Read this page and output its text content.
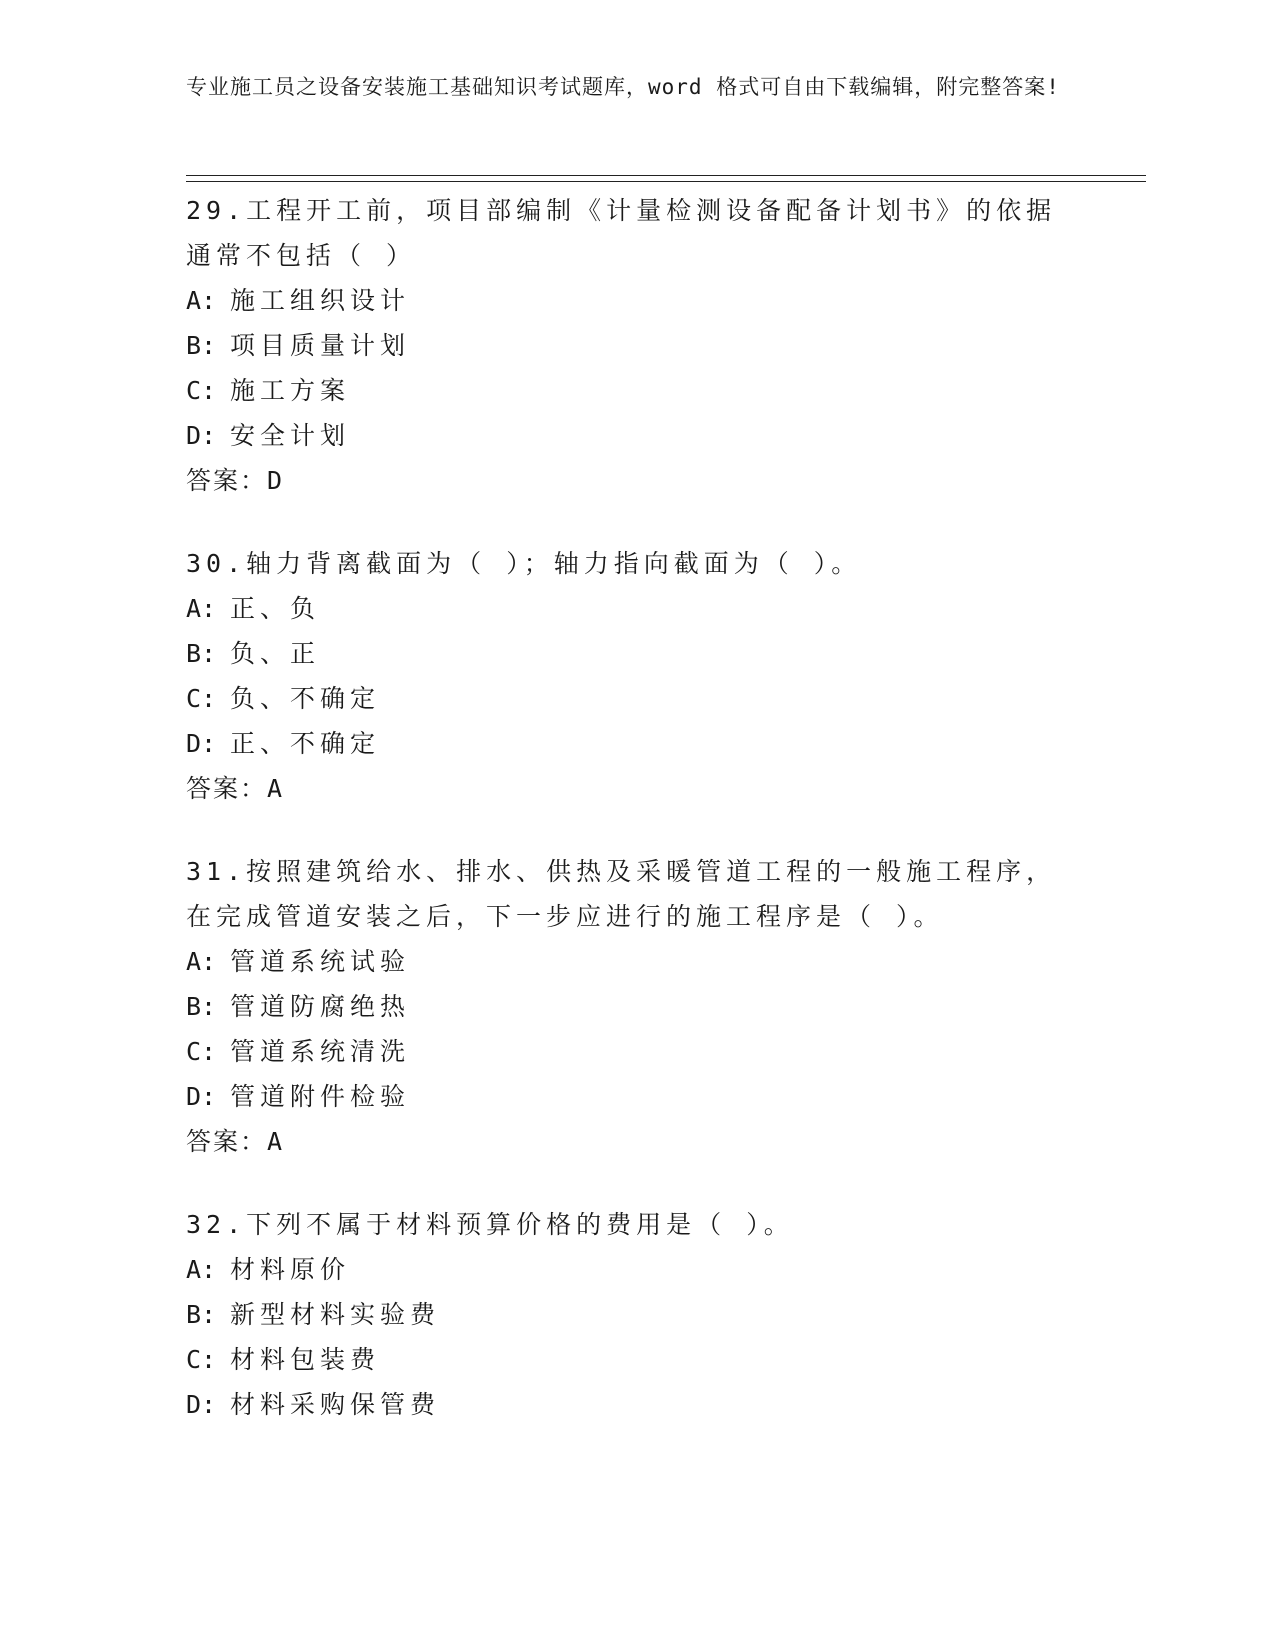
专业施工员之设备安装施工基础知识考试题库，word 格式可自由下载编辑，附完整答案!

29.工程开工前，项目部编制《计量检测设备配备计划书》的依据通常不包括（ ）

A: 施工组织设计

B: 项目质量计划

C: 施工方案

D: 安全计划

答案：D

30.轴力背离截面为（ ）；轴力指向截面为（ ）。

A: 正、负

B: 负、正

C: 负、不确定

D: 正、不确定

答案：A

31.按照建筑给水、排水、供热及采暖管道工程的一般施工程序，在完成管道安装之后，下一步应进行的施工程序是（ ）。

A: 管道系统试验

B: 管道防腐绝热

C: 管道系统清洗

D: 管道附件检验

答案：A

32.下列不属于材料预算价格的费用是（ ）。

A: 材料原价

B: 新型材料实验费

C: 材料包装费

D: 材料采购保管费
